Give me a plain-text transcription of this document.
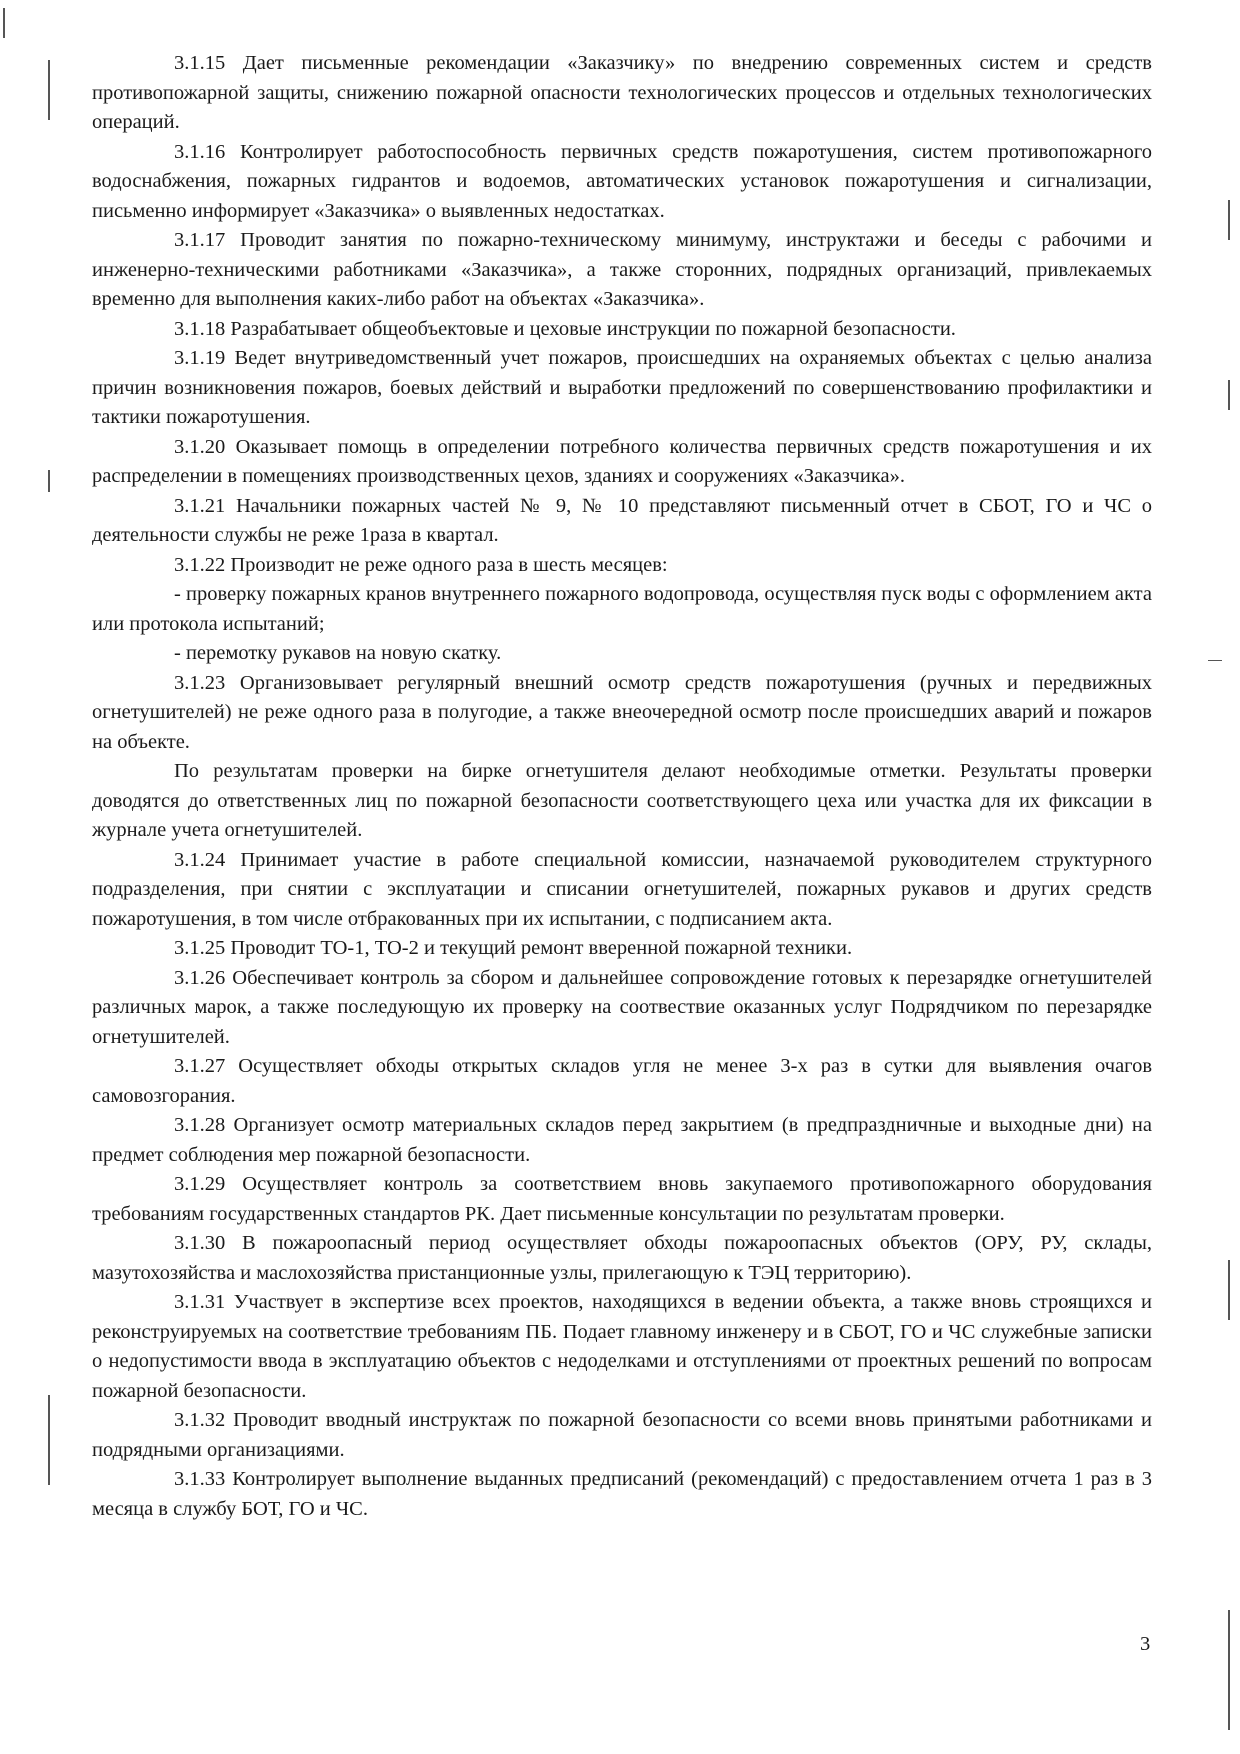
3.1.15 Дает письменные рекомендации «Заказчику» по внедрению современных систем и средств противопожарной защиты, снижению пожарной опасности технологических процессов и отдельных технологических операций.

3.1.16 Контролирует работоспособность первичных средств пожаротушения, систем противопожарного водоснабжения, пожарных гидрантов и водоемов, автоматических установок пожаротушения и сигнализации, письменно информирует «Заказчика» о выявленных недостатках.

3.1.17 Проводит занятия по пожарно-техническому минимуму, инструктажи и беседы с рабочими и инженерно-техническими работниками «Заказчика», а также сторонних, подрядных организаций, привлекаемых временно для выполнения каких-либо работ на объектах «Заказчика».

3.1.18 Разрабатывает общеобъектовые и цеховые инструкции по пожарной безопасности.

3.1.19 Ведет внутриведомственный учет пожаров, происшедших на охраняемых объектах с целью анализа причин возникновения пожаров, боевых действий и выработки предложений по совершенствованию профилактики и тактики пожаротушения.

3.1.20 Оказывает помощь в определении потребного количества первичных средств пожаротушения и их распределении в помещениях производственных цехов, зданиях и сооружениях «Заказчика».

3.1.21 Начальники пожарных частей № 9, № 10 представляют письменный отчет в СБОТ, ГО и ЧС о деятельности службы не реже 1раза в квартал.

3.1.22 Производит не реже одного раза в шесть месяцев:

- проверку пожарных кранов внутреннего пожарного водопровода, осуществляя пуск воды с оформлением акта или протокола испытаний;

- перемотку рукавов на новую скатку.

3.1.23 Организовывает регулярный внешний осмотр средств пожаротушения (ручных и передвижных огнетушителей) не реже одного раза в полугодие, а также внеочередной осмотр после происшедших аварий и пожаров на объекте.

По результатам проверки на бирке огнетушителя делают необходимые отметки. Результаты проверки доводятся до ответственных лиц по пожарной безопасности соответствующего цеха или участка для их фиксации в журнале учета огнетушителей.

3.1.24 Принимает участие в работе специальной комиссии, назначаемой руководителем структурного подразделения, при снятии с эксплуатации и списании огнетушителей, пожарных рукавов и других средств пожаротушения, в том числе отбракованных при их испытании, с подписанием акта.

3.1.25 Проводит ТО-1, ТО-2 и текущий ремонт вверенной пожарной техники.

3.1.26 Обеспечивает контроль за сбором и дальнейшее сопровождение готовых к перезарядке огнетушителей различных марок, а также последующую их проверку на соотвествие оказанных услуг Подрядчиком по перезарядке огнетушителей.

3.1.27 Осуществляет обходы открытых складов угля не менее 3-х раз в сутки для выявления очагов самовозгорания.

3.1.28 Организует осмотр материальных складов перед закрытием (в предпраздничные и выходные дни) на предмет соблюдения мер пожарной безопасности.

3.1.29 Осуществляет контроль за соответствием вновь закупаемого противопожарного оборудования требованиям государственных стандартов РК. Дает письменные консультации по результатам проверки.

3.1.30 В пожароопасный период осуществляет обходы пожароопасных объектов (ОРУ, РУ, склады, мазутохозяйства и маслохозяйства пристанционные узлы, прилегающую к ТЭЦ территорию).

3.1.31 Участвует в экспертизе всех проектов, находящихся в ведении объекта, а также вновь строящихся и реконструируемых на соответствие требованиям ПБ. Подает главному инженеру и в СБОТ, ГО и ЧС служебные записки о недопустимости ввода в эксплуатацию объектов с недоделками и отступлениями от проектных решений по вопросам пожарной безопасности.

3.1.32 Проводит вводный инструктаж по пожарной безопасности со всеми вновь принятыми работниками и подрядными организациями.

3.1.33 Контролирует выполнение выданных предписаний (рекомендаций) с предоставлением отчета 1 раз в 3 месяца в службу БОТ, ГО и ЧС.

3
